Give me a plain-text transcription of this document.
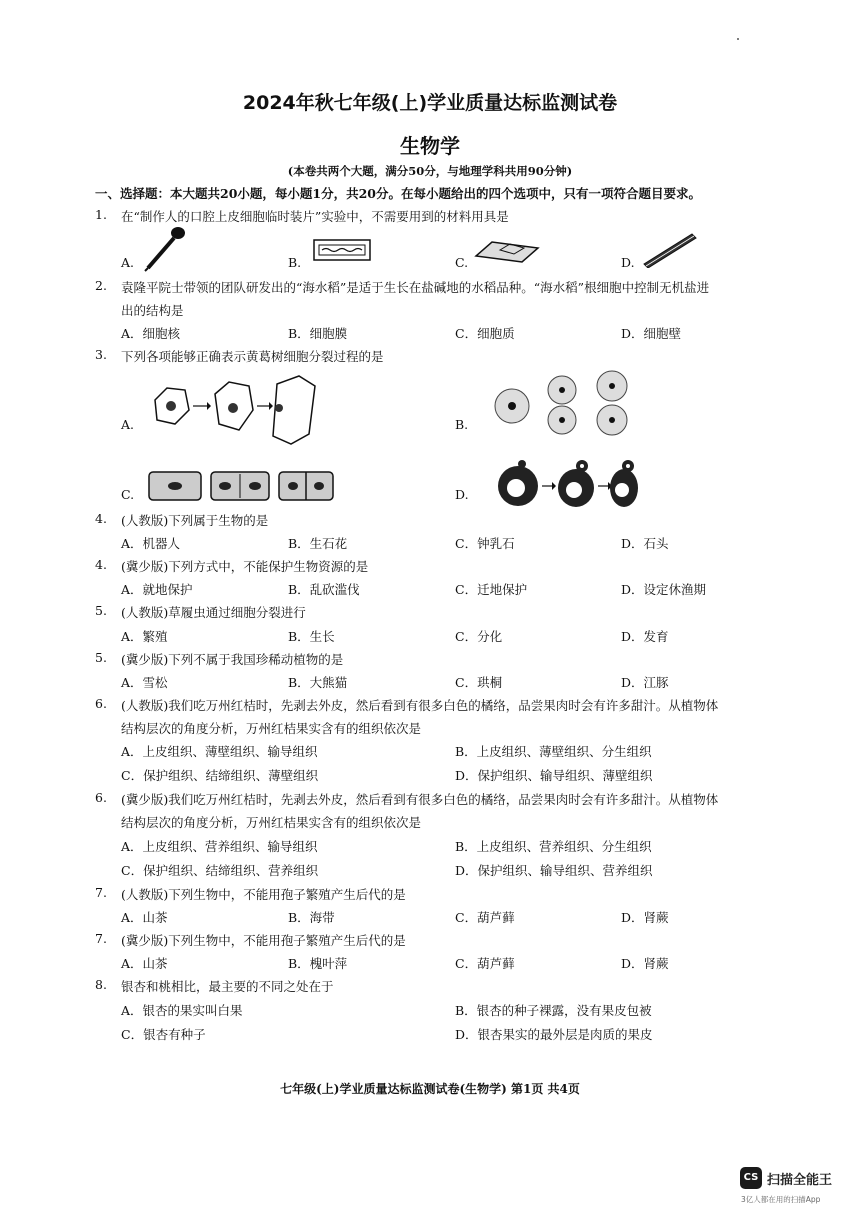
2024年秋七年级(上)学业质量达标监测试卷
生物学
(本卷共两个大题，满分50分，与地理学科共用90分钟)
一、选择题：本大题共20小题，每小题1分，共20分。在每小题给出的四个选项中，只有一项符合题目要求。
1. 在“制作人的口腔上皮细胞临时装片”实验中，不需要用到的材料用具是
A.	B.	C.	D.
2. 袁隆平院士带领的团队研发出的“海水稻”是适于生长在盐碱地的水稻品种。“海水稻”根细胞中控制无机盐进
出的结构是
A．细胞核	B．细胞膜	C．细胞质	D．细胞壁
3. 下列各项能够正确表示黄葛树细胞分裂过程的是
A.	B.
C.	D.
4. (人教版)下列属于生物的是
A．机器人	B．生石花	C．钟乳石	D．石头
4. (冀少版)下列方式中，不能保护生物资源的是
A．就地保护	B．乱砍滥伐	C．迁地保护	D．设定休渔期
5. (人教版)草履虫通过细胞分裂进行
A．繁殖	B．生长	C．分化	D．发育
5. (冀少版)下列不属于我国珍稀动植物的是
A．雪松	B．大熊猫	C．珙桐	D．江豚
6. (人教版)我们吃万州红桔时，先剥去外皮，然后看到有很多白色的橘络，品尝果肉时会有许多甜汁。从植物体
结构层次的角度分析，万州红桔果实含有的组织依次是
A．上皮组织、薄壁组织、输导组织	B．上皮组织、薄壁组织、分生组织
C．保护组织、结缔组织、薄壁组织	D．保护组织、输导组织、薄壁组织
6. (冀少版)我们吃万州红桔时，先剥去外皮，然后看到有很多白色的橘络，品尝果肉时会有许多甜汁。从植物体
结构层次的角度分析，万州红桔果实含有的组织依次是
A．上皮组织、营养组织、输导组织	B．上皮组织、营养组织、分生组织
C．保护组织、结缔组织、营养组织	D．保护组织、输导组织、营养组织
7. (人教版)下列生物中，不能用孢子繁殖产生后代的是
A．山茶	B．海带	C．葫芦藓	D．肾蕨
7. (冀少版)下列生物中，不能用孢子繁殖产生后代的是
A．山茶	B．槐叶萍	C．葫芦藓	D．肾蕨
8. 银杏和桃相比，最主要的不同之处在于
A．银杏的果实叫白果	B．银杏的种子裸露，没有果皮包被
C．银杏有种子	D．银杏果实的最外层是肉质的果皮
七年级(上)学业质量达标监测试卷(生物学) 第1页 共4页
CS 扫描全能王
3亿人都在用的扫描App
